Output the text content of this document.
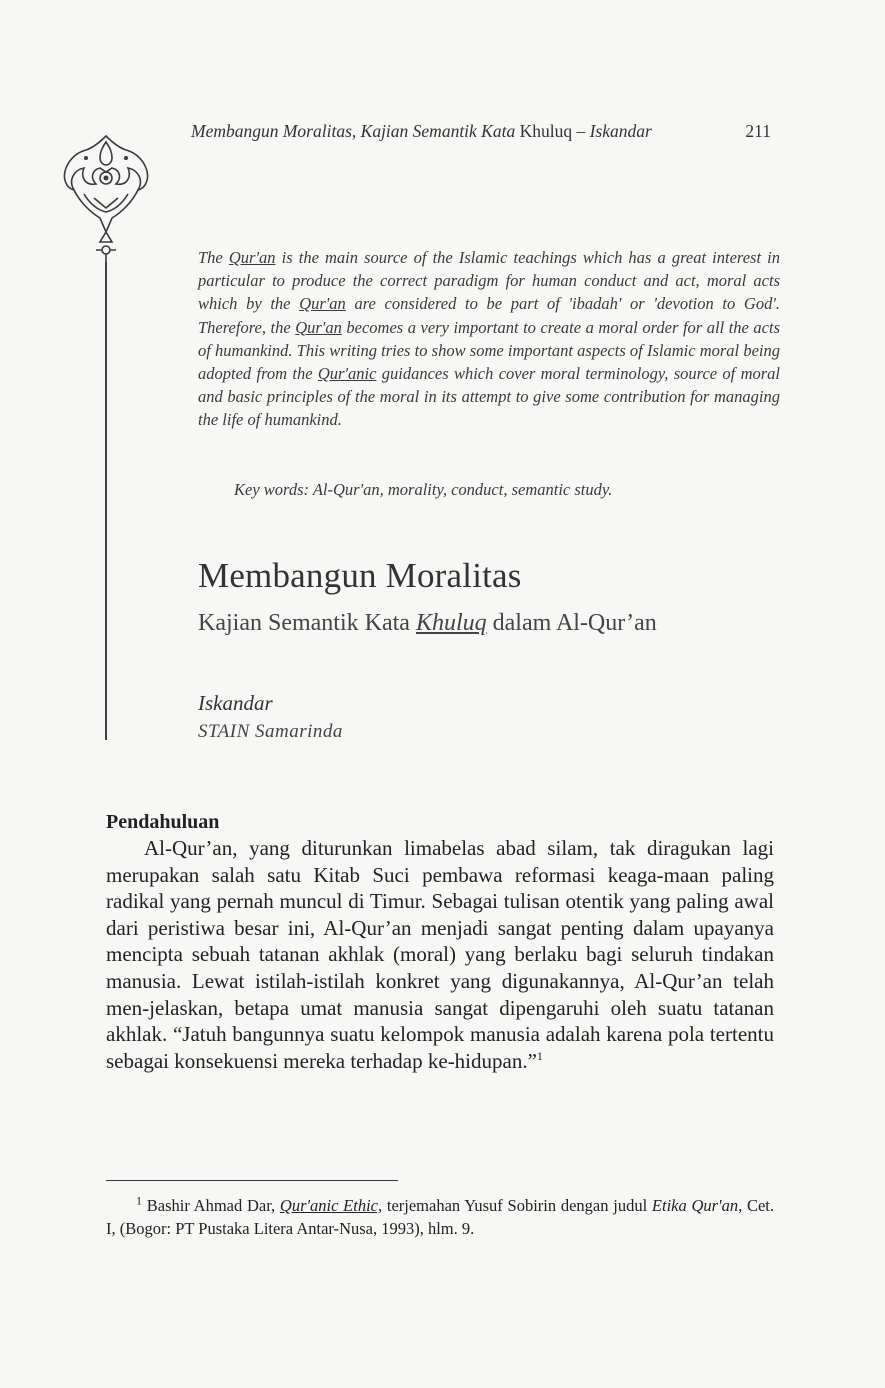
Membangun Moralitas, Kajian Semantik Kata Khuluq – Iskandar	211
The Qur'an is the main source of the Islamic teachings which has a great interest in particular to produce the correct paradigm for human conduct and act, moral acts which by the Qur'an are considered to be part of 'ibadah' or 'devotion to God'. Therefore, the Qur'an becomes a very important to create a moral order for all the acts of humankind. This writing tries to show some important aspects of Islamic moral being adopted from the Qur'anic guidances which cover moral terminology, source of moral and basic principles of the moral in its attempt to give some contribution for managing the life of humankind.
Key words: Al-Qur'an, morality, conduct, semantic study.
Membangun Moralitas
Kajian Semantik Kata Khuluq dalam Al-Qur’an
Iskandar
STAIN Samarinda
Pendahuluan

Al-Qur’an, yang diturunkan limabelas abad silam, tak diragukan lagi merupakan salah satu Kitab Suci pembawa reformasi keaga-maan paling radikal yang pernah muncul di Timur. Sebagai tulisan otentik yang paling awal dari peristiwa besar ini, Al-Qur’an menjadi sangat penting dalam upayanya mencipta sebuah tatanan akhlak (moral) yang berlaku bagi seluruh tindakan manusia. Lewat istilah-istilah konkret yang digunakannya, Al-Qur’an telah men-jelaskan, betapa umat manusia sangat dipengaruhi oleh suatu tatanan akhlak. “Jatuh bangunnya suatu kelompok manusia adalah karena pola tertentu sebagai konsekuensi mereka terhadap ke-hidupan.”$^1$

$^1$ Bashir Ahmad Dar, Qur'anic Ethic, terjemahan Yusuf Sobirin dengan judul Etika Qur'an, Cet. I, (Bogor: PT Pustaka Litera Antar-Nusa, 1993), hlm. 9.
